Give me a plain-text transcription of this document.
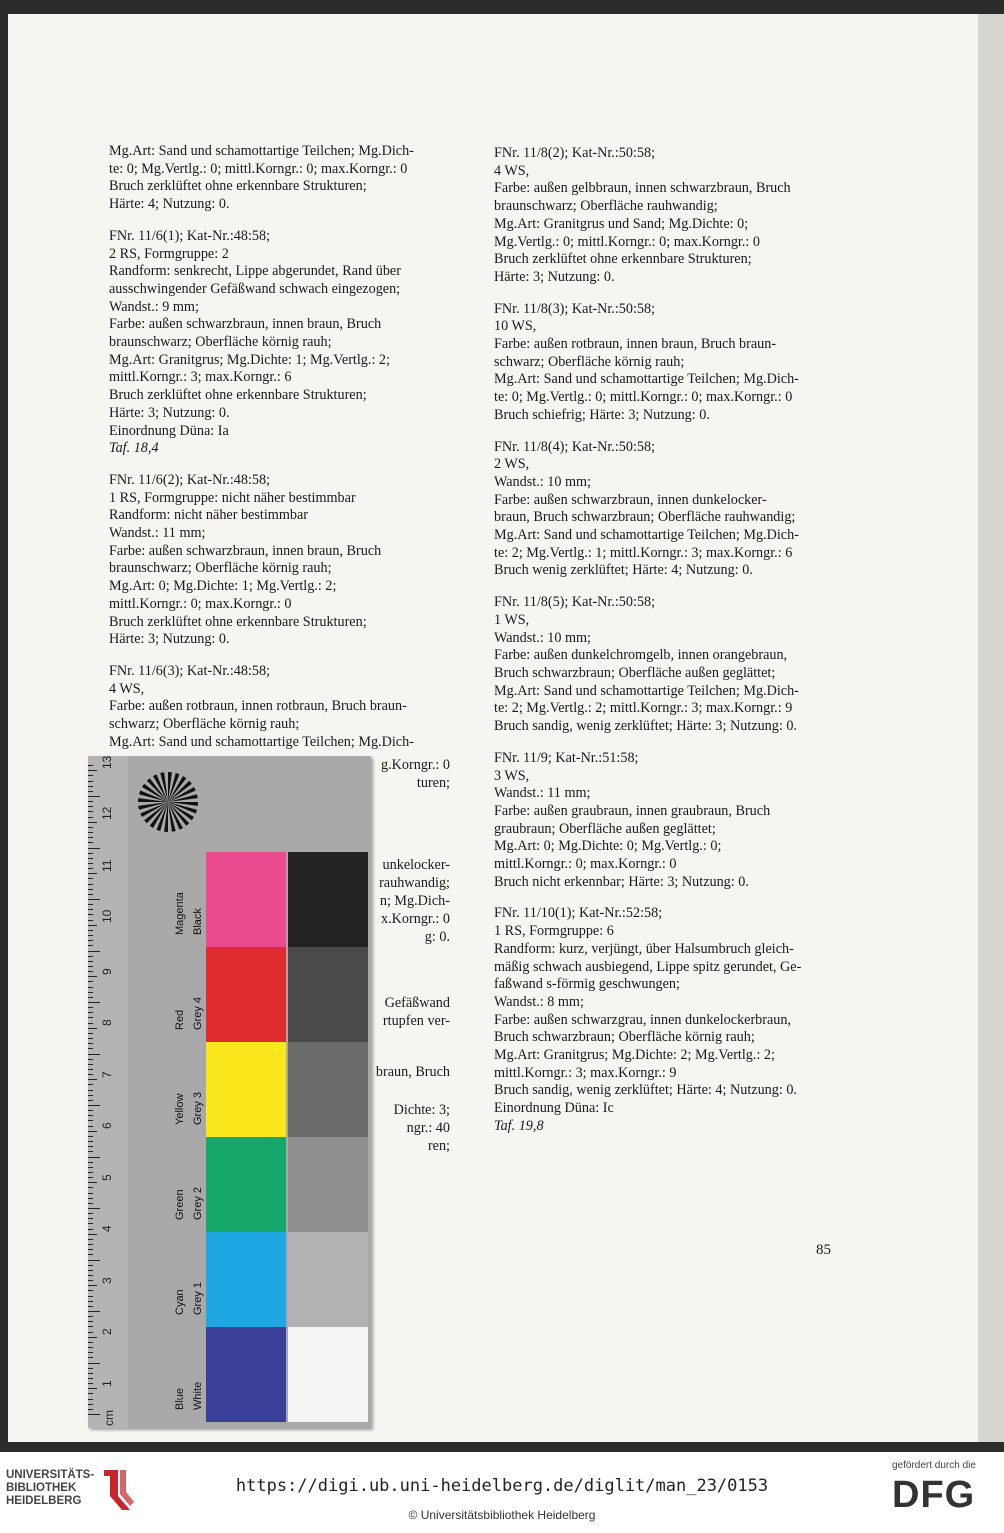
Mg.Art: Sand und schamottartige Teilchen; Mg.Dich-
te: 0; Mg.Vertlg.: 0; mittl.Korngr.: 0; max.Korngr.: 0
Bruch zerklüftet ohne erkennbare Strukturen;
Härte: 4; Nutzung: 0.
FNr. 11/6(1); Kat-Nr.:48:58;
2 RS, Formgruppe: 2
Randform: senkrecht, Lippe abgerundet, Rand über
ausschwingender Gefäßwand schwach eingezogen;
Wandst.: 9 mm;
Farbe: außen schwarzbraun, innen braun, Bruch
braunschwarz; Oberfläche körnig rauh;
Mg.Art: Granitgrus; Mg.Dichte: 1; Mg.Vertlg.: 2;
mittl.Korngr.: 3; max.Korngr.: 6
Bruch zerklüftet ohne erkennbare Strukturen;
Härte: 3; Nutzung: 0.
Einordnung Düna: Ia
Taf. 18,4
FNr. 11/6(2); Kat-Nr.:48:58;
1 RS, Formgruppe: nicht näher bestimmbar
Randform: nicht näher bestimmbar
Wandst.: 11 mm;
Farbe: außen schwarzbraun, innen braun, Bruch
braunschwarz; Oberfläche körnig rauh;
Mg.Art: 0; Mg.Dichte: 1; Mg.Vertlg.: 2;
mittl.Korngr.: 0; max.Korngr.: 0
Bruch zerklüftet ohne erkennbare Strukturen;
Härte: 3; Nutzung: 0.
FNr. 11/6(3); Kat-Nr.:48:58;
4 WS,
Farbe: außen rotbraun, innen rotbraun, Bruch braun-
schwarz; Oberfläche körnig rauh;
Mg.Art: Sand und schamottartige Teilchen; Mg.Dich-
FNr. 11/8(2); Kat-Nr.:50:58;
4 WS,
Farbe: außen gelbbraun, innen schwarzbraun, Bruch
braunschwarz; Oberfläche rauhwandig;
Mg.Art: Granitgrus und Sand; Mg.Dichte: 0;
Mg.Vertlg.: 0; mittl.Korngr.: 0; max.Korngr.: 0
Bruch zerklüftet ohne erkennbare Strukturen;
Härte: 3; Nutzung: 0.
FNr. 11/8(3); Kat-Nr.:50:58;
10 WS,
Farbe: außen rotbraun, innen braun, Bruch braun-
schwarz; Oberfläche körnig rauh;
Mg.Art: Sand und schamottartige Teilchen; Mg.Dich-
te: 0; Mg.Vertlg.: 0; mittl.Korngr.: 0; max.Korngr.: 0
Bruch schiefrig; Härte: 3; Nutzung: 0.
FNr. 11/8(4); Kat-Nr.:50:58;
2 WS,
Wandst.: 10 mm;
Farbe: außen schwarzbraun, innen dunkelocker-
braun, Bruch schwarzbraun; Oberfläche rauhwandig;
Mg.Art: Sand und schamottartige Teilchen; Mg.Dich-
te: 2; Mg.Vertlg.: 1; mittl.Korngr.: 3; max.Korngr.: 6
Bruch wenig zerklüftet; Härte: 4; Nutzung: 0.
FNr. 11/8(5); Kat-Nr.:50:58;
1 WS,
Wandst.: 10 mm;
Farbe: außen dunkelchromgelb, innen orangebraun,
Bruch schwarzbraun; Oberfläche außen geglättet;
Mg.Art: Sand und schamottartige Teilchen; Mg.Dich-
te: 2; Mg.Vertlg.: 2; mittl.Korngr.: 3; max.Korngr.: 9
Bruch sandig, wenig zerklüftet; Härte: 3; Nutzung: 0.
FNr. 11/9; Kat-Nr.:51:58;
3 WS,
Wandst.: 11 mm;
Farbe: außen graubraun, innen graubraun, Bruch
graubraun; Oberfläche außen geglättet;
Mg.Art: 0; Mg.Dichte: 0; Mg.Vertlg.: 0;
mittl.Korngr.: 0; max.Korngr.: 0
Bruch nicht erkennbar; Härte: 3; Nutzung: 0.
FNr. 11/10(1); Kat-Nr.:52:58;
1 RS, Formgruppe: 6
Randform: kurz, verjüngt, über Halsumbruch gleich-
mäßig schwach ausbiegend, Lippe spitz gerundet, Ge-
faßwand s-förmig geschwungen;
Wandst.: 8 mm;
Farbe: außen schwarzgrau, innen dunkelockerbraun,
Bruch schwarzbraun; Oberfläche körnig rauh;
Mg.Art: Granitgrus; Mg.Dichte: 2; Mg.Vertlg.: 2;
mittl.Korngr.: 3; max.Korngr.: 9
Bruch sandig, wenig zerklüftet; Härte: 4; Nutzung: 0.
Einordnung Düna: Ic
Taf. 19,8
g.Korngr.: 0
turen;
unkelocker-
rauhwandig;
n; Mg.Dich-
x.Korngr.: 0
g: 0.
Gefäßwand
rtupfen ver-
braun, Bruch
Dichte: 3;
ngr.: 40
ren;
85
cm
1
2
3
4
5
6
7
8
9
10
11
12
13
Blue
Cyan
Green
Yellow
Red
Magenta
White
Grey 1
Grey 2
Grey 3
Grey 4
Black
UNIVERSITÄTS-
BIBLIOTHEK
HEIDELBERG
https://digi.ub.uni-heidelberg.de/diglit/man_23/0153
© Universitätsbibliothek Heidelberg
gefördert durch die
DFG
